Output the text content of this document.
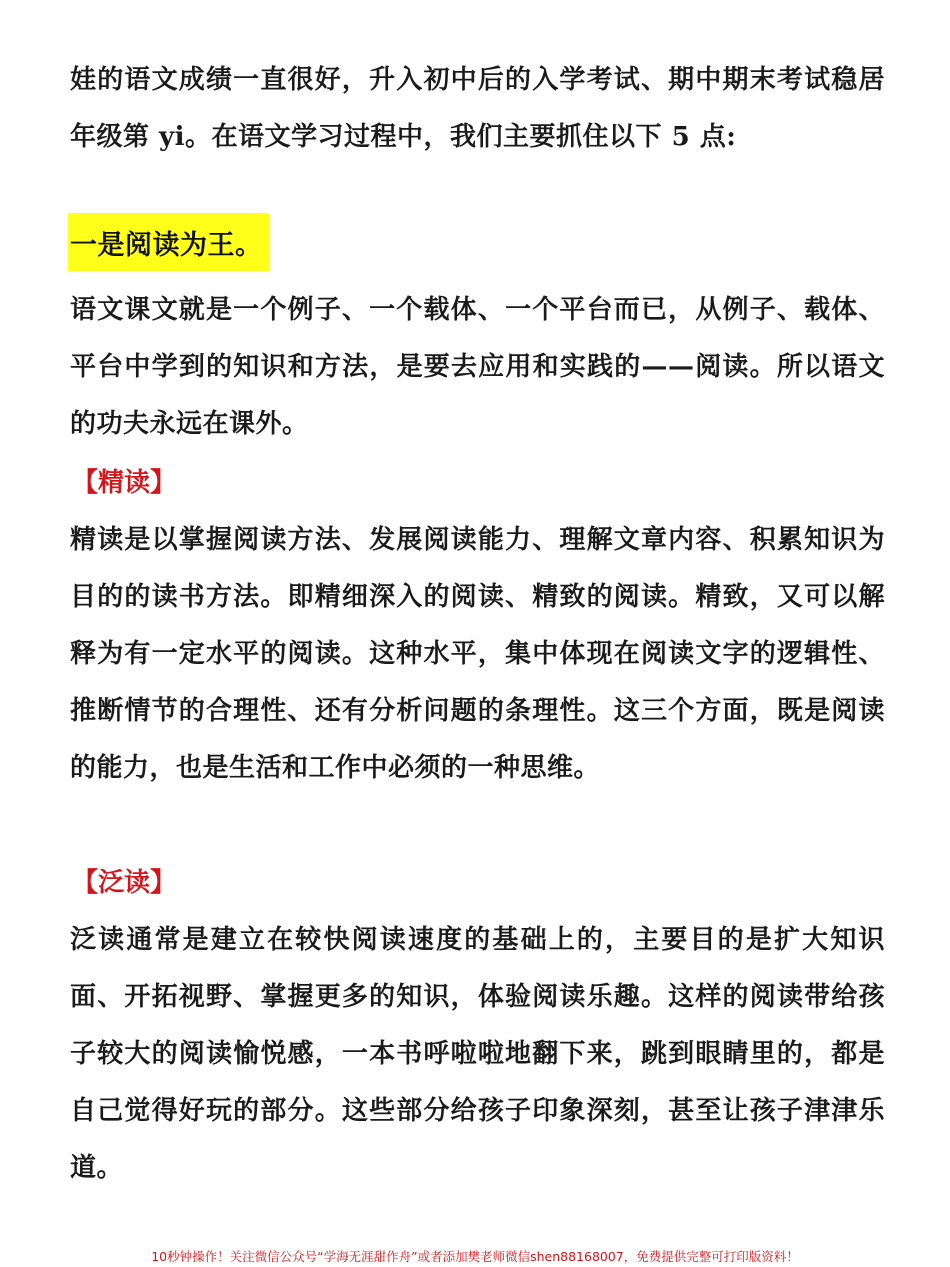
娃的语文成绩一直很好，升入初中后的入学考试、期中期末考试稳居年级第 yi。在语文学习过程中，我们主要抓住以下 5 点:

一是阅读为王。

语文课文就是一个例子、一个载体、一个平台而已，从例子、载体、平台中学到的知识和方法，是要去应用和实践的——阅读。所以语文的功夫永远在课外。

【精读】

精读是以掌握阅读方法、发展阅读能力、理解文章内容、积累知识为目的的读书方法。即精细深入的阅读、精致的阅读。精致，又可以解释为有一定水平的阅读。这种水平，集中体现在阅读文字的逻辑性、推断情节的合理性、还有分析问题的条理性。这三个方面，既是阅读的能力，也是生活和工作中必须的一种思维。

【泛读】

泛读通常是建立在较快阅读速度的基础上的，主要目的是扩大知识面、开拓视野、掌握更多的知识，体验阅读乐趣。这样的阅读带给孩子较大的阅读愉悦感，一本书呼啦啦地翻下来，跳到眼睛里的，都是自己觉得好玩的部分。这些部分给孩子印象深刻，甚至让孩子津津乐道。

10秒钟操作！关注微信公众号“学海无涯甜作舟”或者添加樊老师微信shen88168007，免费提供完整可打印版资料！
